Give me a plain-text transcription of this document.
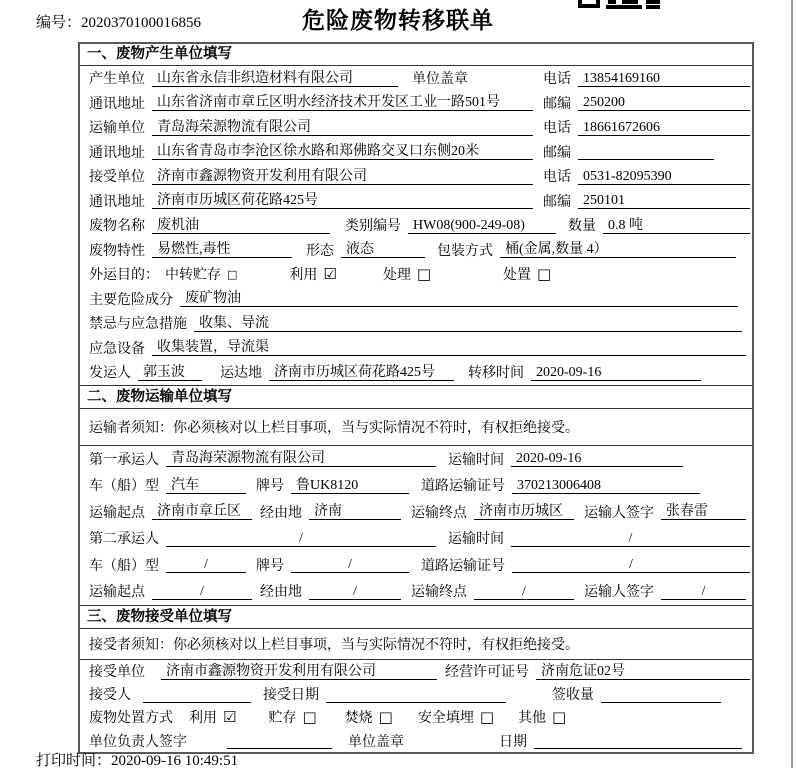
编号：2020370100016856	危险废物转移联单
一、废物产生单位填写
产生单位 山东省永信非织造材料有限公司	单位盖章	电话 13854169160
通讯地址 山东省济南市章丘区明水经济技术开发区工业一路501号	邮编 250200
运输单位 青岛海荣源物流有限公司	电话 18661672606
通讯地址 山东省青岛市李沧区徐水路和郑佛路交叉口东侧20米	邮编
接受单位 济南市鑫源物资开发利用有限公司	电话 0531-82095390
通讯地址 济南市历城区荷花路425号	邮编 250101
废物名称 废机油	类别编号 HW08(900-249-08)	数量 0.8 吨
废物特性 易燃性,毒性	形态 液态	包装方式 桶(金属,数量 4）
外运目的： 中转贮存 □	利用 ☑	处理 □	处置 □
主要危险成分 废矿物油
禁忌与应急措施 收集、导流
应急设备 收集装置，导流渠
发运人 郭玉波	运达地 济南市历城区荷花路425号	转移时间 2020-09-16
二、废物运输单位填写
运输者须知：你必须核对以上栏目事项，当与实际情况不符时，有权拒绝接受。
第一承运人 青岛海荣源物流有限公司	运输时间 2020-09-16
车（船）型 汽车	牌号 鲁UK8120	道路运输证号 370213006408
运输起点 济南市章丘区	经由地 济南	运输终点 济南市历城区	运输人签字 张春雷
第二承运人	/	运输时间	/
车（船）型	/	牌号	/	道路运输证号	/
运输起点	/	经由地	/	运输终点	/	运输人签字	/
三、废物接受单位填写
接受者须知：你必须核对以上栏目事项，当与实际情况不符时，有权拒绝接受。
接受单位	济南市鑫源物资开发利用有限公司	经营许可证号 济南危证02号
接受人	接受日期	签收量
废物处置方式 利用 ☑ 贮存 □ 焚烧 □ 安全填埋 □ 其他 □
单位负责人签字	单位盖章	日期
打印时间：2020-09-16 10:49:51
